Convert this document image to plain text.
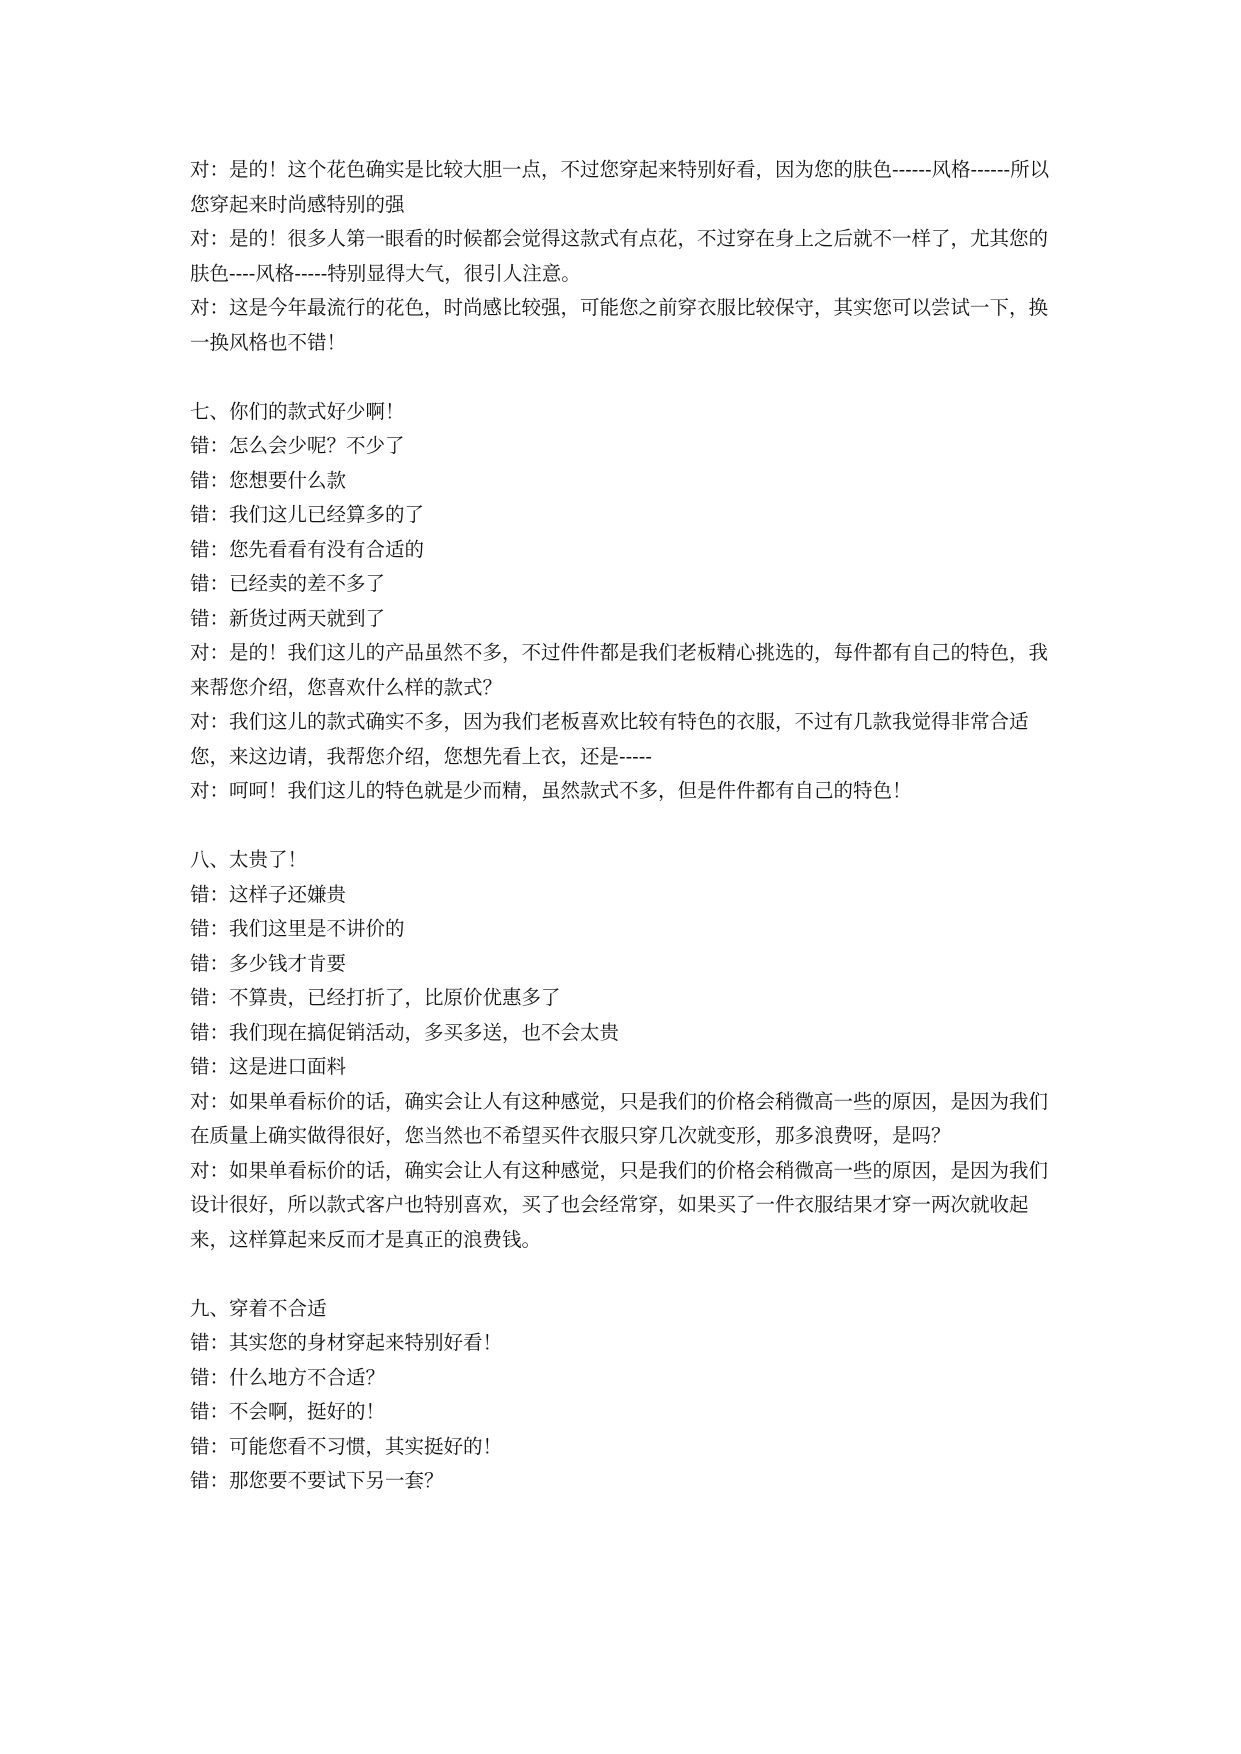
对：是的！这个花色确实是比较大胆一点，不过您穿起来特别好看，因为您的肤色------风格------所以您穿起来时尚感特别的强

对：是的！很多人第一眼看的时候都会觉得这款式有点花，不过穿在身上之后就不一样了，尤其您的肤色----风格-----特别显得大气，很引人注意。

对：这是今年最流行的花色，时尚感比较强，可能您之前穿衣服比较保守，其实您可以尝试一下，换一换风格也不错！

七、你们的款式好少啊！

错：怎么会少呢？不少了

错：您想要什么款

错：我们这儿已经算多的了

错：您先看看有没有合适的

错：已经卖的差不多了

错：新货过两天就到了

对：是的！我们这儿的产品虽然不多，不过件件都是我们老板精心挑选的，每件都有自己的特色，我来帮您介绍，您喜欢什么样的款式？

对：我们这儿的款式确实不多，因为我们老板喜欢比较有特色的衣服，不过有几款我觉得非常合适您，来这边请，我帮您介绍，您想先看上衣，还是-----

对：呵呵！我们这儿的特色就是少而精，虽然款式不多，但是件件都有自己的特色！

八、太贵了！

错：这样子还嫌贵

错：我们这里是不讲价的

错：多少钱才肯要

错：不算贵，已经打折了，比原价优惠多了

错：我们现在搞促销活动，多买多送，也不会太贵

错：这是进口面料

对：如果单看标价的话，确实会让人有这种感觉，只是我们的价格会稍微高一些的原因，是因为我们在质量上确实做得很好，您当然也不希望买件衣服只穿几次就变形，那多浪费呀，是吗？

对：如果单看标价的话，确实会让人有这种感觉，只是我们的价格会稍微高一些的原因，是因为我们设计很好，所以款式客户也特别喜欢，买了也会经常穿，如果买了一件衣服结果才穿一两次就收起来，这样算起来反而才是真正的浪费钱。

九、穿着不合适

错：其实您的身材穿起来特别好看！

错：什么地方不合适？

错：不会啊，挺好的！

错：可能您看不习惯，其实挺好的！

错：那您要不要试下另一套？
